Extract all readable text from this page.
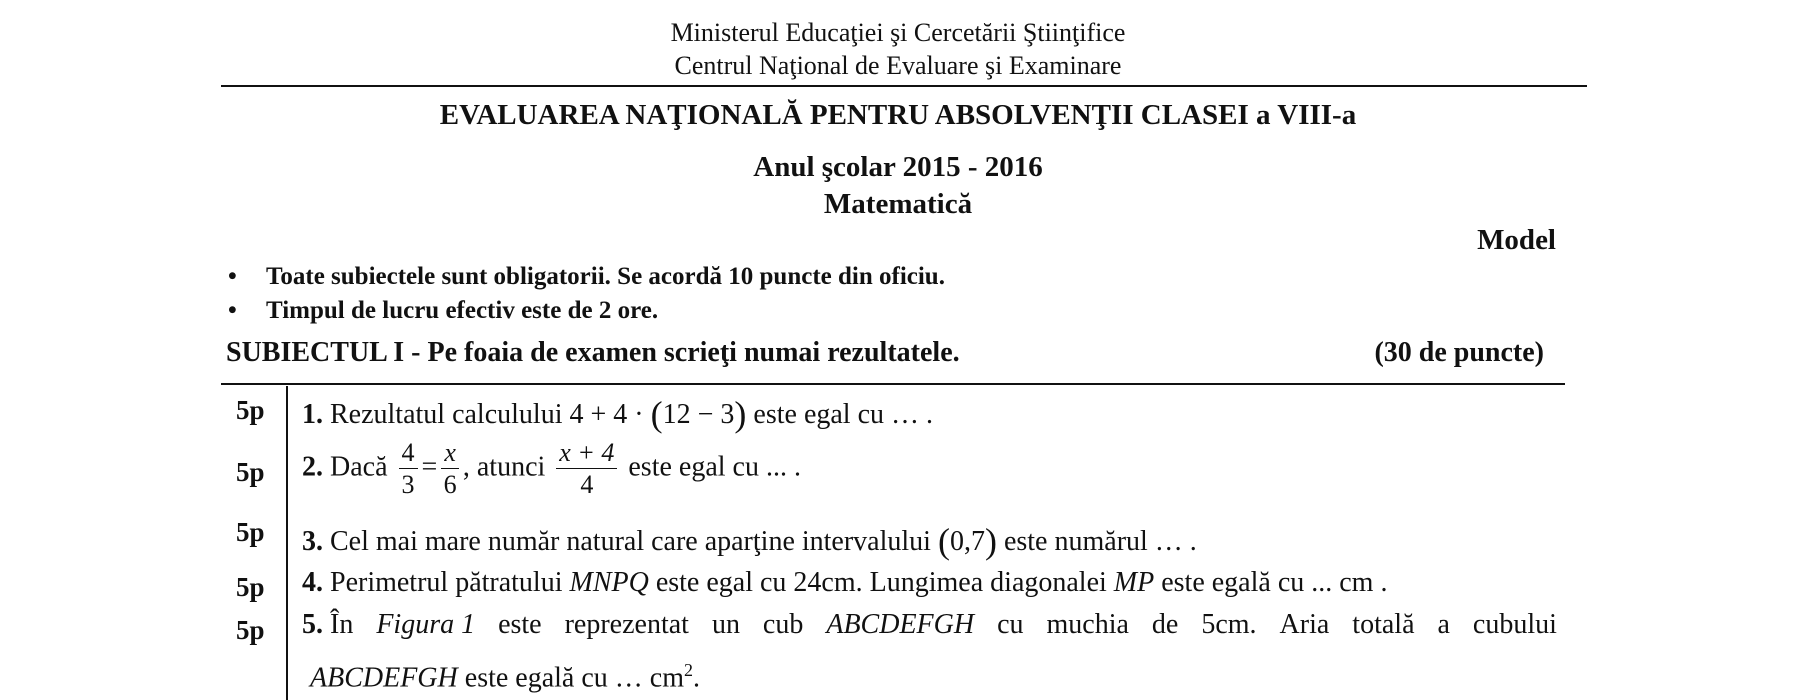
Ministerul Educaţiei şi Cercetării Ştiinţifice
Centrul Naţional de Evaluare şi Examinare
EVALUAREA NAŢIONALĂ PENTRU ABSOLVENŢII CLASEI a VIII-a
Anul şcolar 2015 - 2016
Matematică
Model
• Toate subiectele sunt obligatorii. Se acordă 10 puncte din oficiu.
• Timpul de lucru efectiv este de 2 ore.
SUBIECTUL I - Pe foaia de examen scrieţi numai rezultatele.	(30 de puncte)
5p 1. Rezultatul calculului 4 + 4 · (12 − 3) este egal cu … .
5p 2. Dacă $\frac{4}{3} = \frac{x}{6}$ , atunci $\frac{x + 4}{4}$ este egal cu ... .
5p 3. Cel mai mare număr natural care aparţine intervalului (0,7) este numărul … .
5p 4. Perimetrul pătratului MNPQ este egal cu 24cm. Lungimea diagonalei MP este egală cu ... cm .
5p 5. În Figura 1 este reprezentat un cub ABCDEFGH cu muchia de 5cm. Aria totală a cubului
ABCDEFGH este egală cu … $cm^2$.
